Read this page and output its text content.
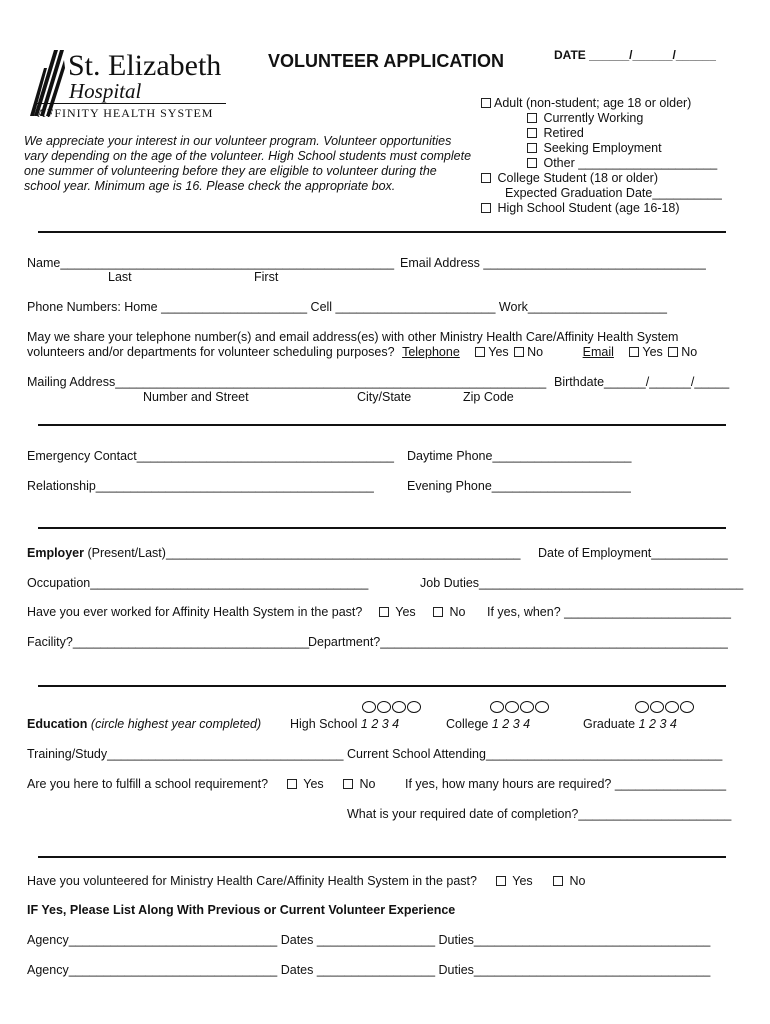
St. Elizabeth
Hospital
AFFINITY HEALTH SYSTEM
VOLUNTEER APPLICATION	DATE ______/______/______
We appreciate your interest in our volunteer program. Volunteer opportunities
vary depending on the age of the volunteer. High School students must complete
one summer of volunteering before they are eligible to volunteer during the
school year. Minimum age is 16. Please check the appropriate box.
Adult (non-student; age 18 or older)
Currently Working
Retired
Seeking Employment
Other ____________________
College Student (18 or older)
Expected Graduation Date__________
High School Student (age 16-18)
Name________________________________________________ Email Address ________________________________
Last	First
Phone Numbers: Home _____________________ Cell _______________________ Work____________________
May we share your telephone number(s) and email address(es) with other Ministry Health Care/Affinity Health System
volunteers and/or departments for volunteer scheduling purposes? Telephone Yes No	Email Yes No
Mailing Address______________________________________________________________ Birthdate______/______/_____
Number and Street	City/State	Zip Code
Emergency Contact_____________________________________ Daytime Phone____________________
Relationship________________________________________	Evening Phone____________________
Employer (Present/Last)___________________________________________________ Date of Employment___________
Occupation________________________________________	Job Duties______________________________________
Have you ever worked for Affinity Health System in the past?	Yes	No If yes, when? ________________________
Facility?__________________________________
Department?__________________________________________________
Education (circle highest year completed) High School 1 2 3 4	College 1 2 3 4	Graduate 1 2 3 4
Training/Study__________________________________ Current School Attending__________________________________
Are you here to fulfill a school requirement?	Yes	No If yes, how many hours are required? ________________
What is your required date of completion?______________________
Have you volunteered for Ministry Health Care/Affinity Health System in the past?	Yes	No
IF Yes, Please List Along With Previous or Current Volunteer Experience
Agency______________________________ Dates _________________ Duties__________________________________
Agency______________________________ Dates _________________ Duties__________________________________
